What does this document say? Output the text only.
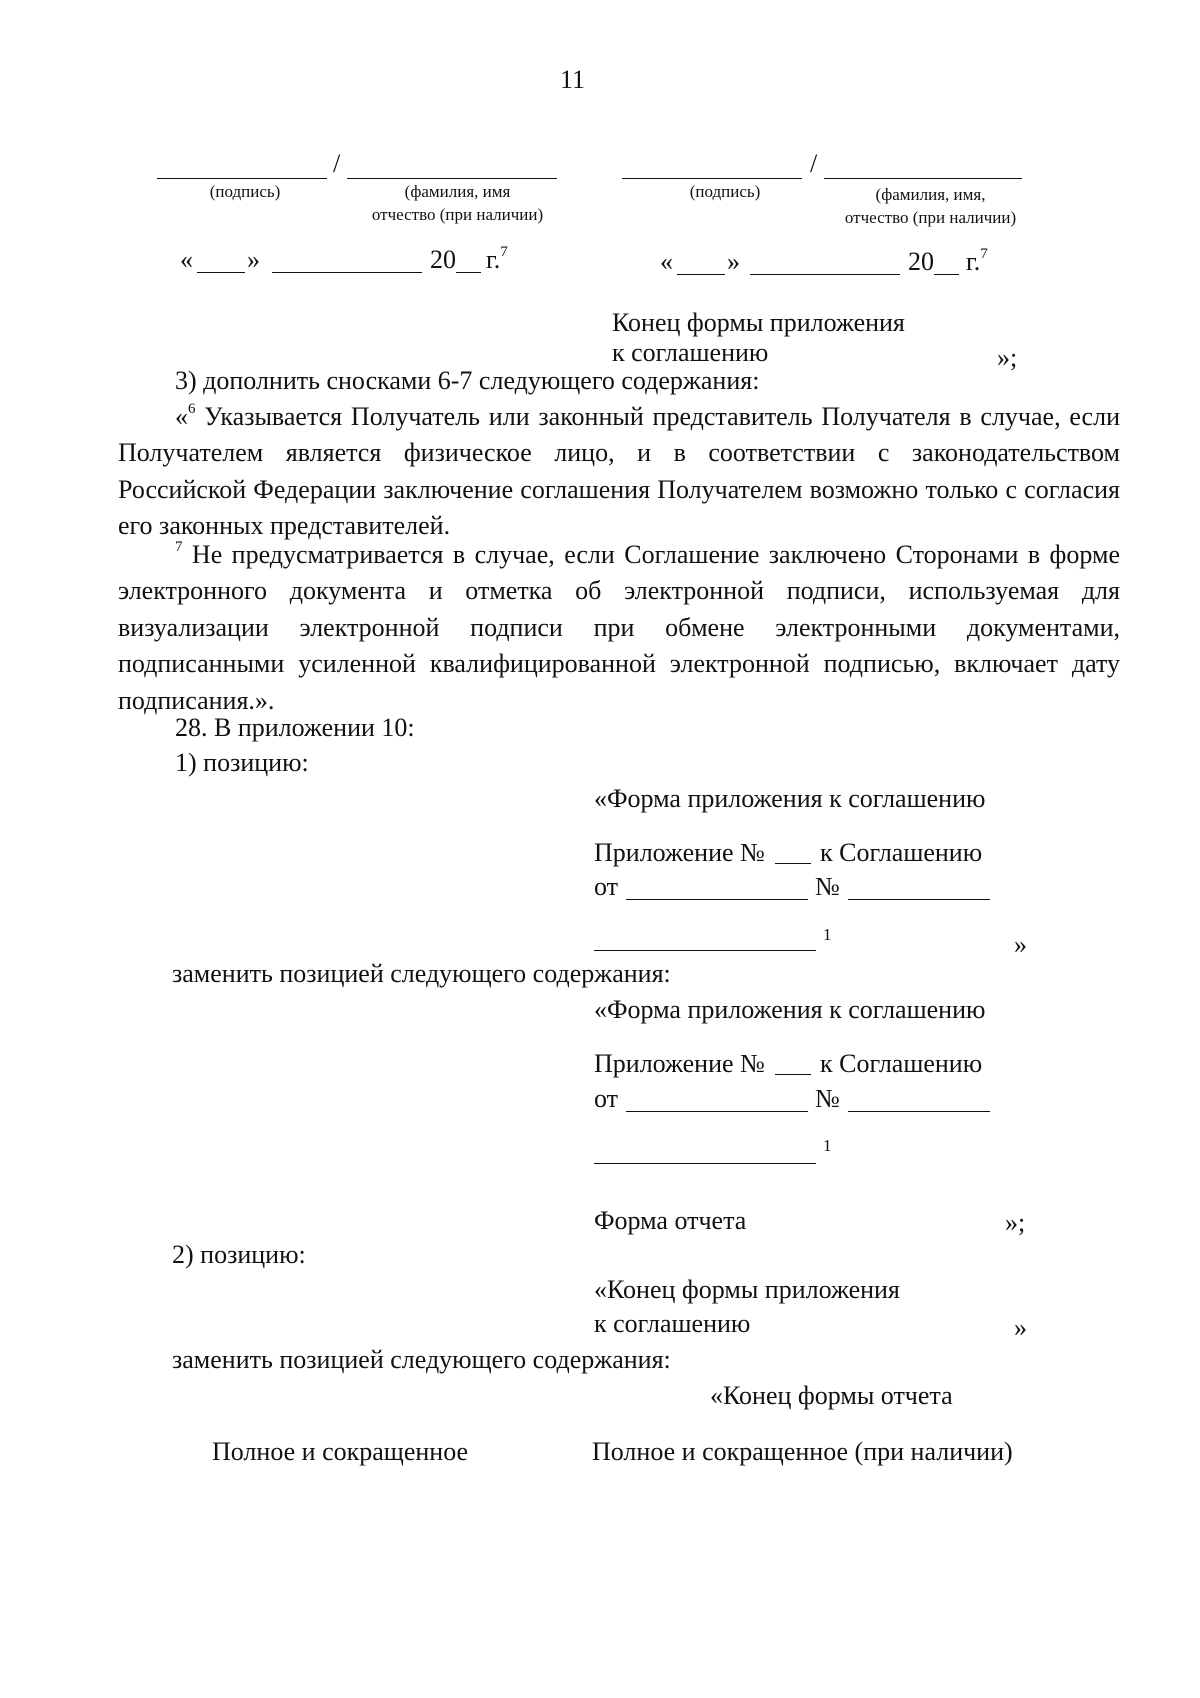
11
/
(подпись)	(фамилия, имя
отчество (при наличии)
« »	20 г.$^7$
/
(подпись)	(фамилия, имя,
отчество (при наличии)
« »	20 г.$^7$
Конец формы приложения
к соглашению	»;
3) дополнить сносками 6-7 следующего содержания:
«$^6$ Указывается Получатель или законный представитель Получателя в случае, если Получателем является физическое лицо, и в соответствии с законодательством Российской Федерации заключение соглашения Получателем возможно только с согласия его законных представителей.
$^7$ Не предусматривается в случае, если Соглашение заключено Сторонами в форме электронного документа и отметка об электронной подписи, используемая для визуализации электронной подписи при обмене электронными документами, подписанными усиленной квалифицированной электронной подписью, включает дату подписания.».
28. В приложении 10:
1) позицию:
«Форма приложения к соглашению
Приложение № к Соглашению
от	№
1	»
заменить позицией следующего содержания:
«Форма приложения к соглашению
Приложение № к Соглашению
от	№
1
Форма отчета	»;
2) позицию:
«Конец формы приложения
к соглашению	»
заменить позицией следующего содержания:
«Конец формы отчета
Полное и сокращенное	Полное и сокращенное (при наличии)
